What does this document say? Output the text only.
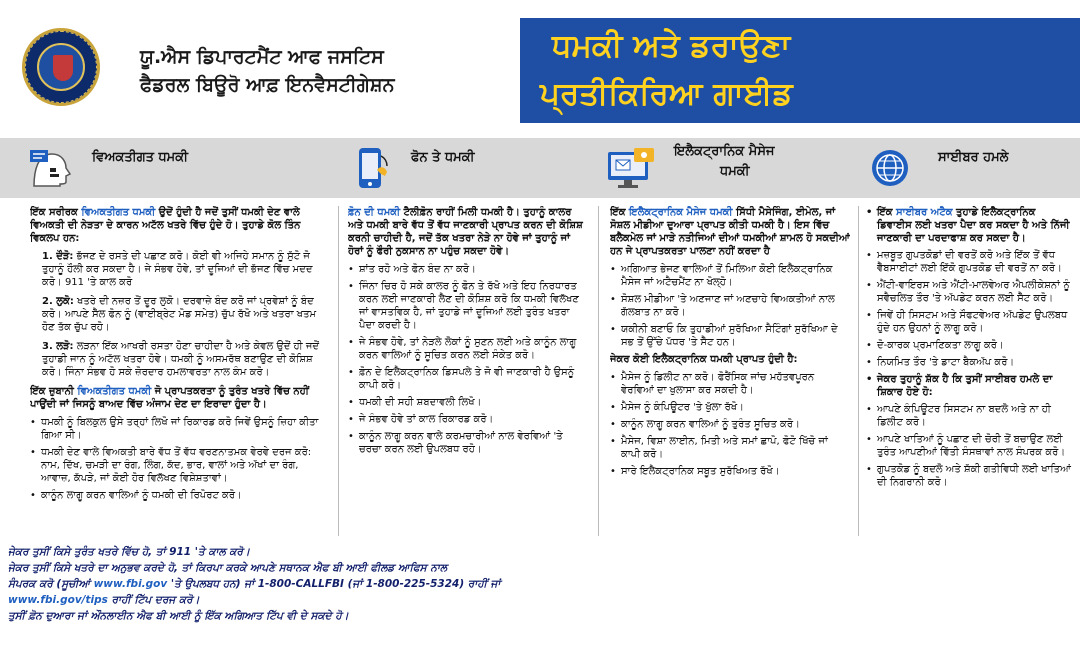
ਯੂ.ਐਸ ਡਿਪਾਰਟਮੈਂਟ ਆਫ ਜਸਟਿਸ
ਫੈਡਰਲ ਬਿਊਰੋ ਆਫ਼ ਇਨਵੈਸਟੀਗੇਸ਼ਨ
ਧਮਕੀ ਅਤੇ ਡਰਾਉਣਾ
ਪ੍ਰਤੀਕਿਰਿਆ ਗਾਈਡ
ਵਿਅਕਤੀਗਤ ਧਮਕੀ	ਫੋਨ ਤੇ ਧਮਕੀ	ਇਲੈਕਟ੍ਰਾਨਿਕ ਮੈਸੇਜ
ਧਮਕੀ
ਸਾਈਬਰ ਹਮਲੇ

ਇੱਕ ਸਰੀਰਕ ਵਿਅਕਤੀਗਤ ਧਮਕੀ ਉਦੋਂ ਹੁੰਦੀ ਹੈ ਜਦੋਂ ਤੁਸੀਂ ਧਮਕੀ ਦੇਣ ਵਾਲੇ ਵਿਅਕਤੀ ਦੀ ਨੇੜਤਾ ਦੇ ਕਾਰਨ ਅਟੱਲ ਖਤਰੇ ਵਿੱਚ ਹੁੰਦੇ ਹੋ। ਤੁਹਾਡੇ ਕੋਲ ਤਿੰਨ ਵਿਕਲਪ ਹਨ:

1. ਦੌੜੋ: ਭੱਜਣ ਦੇ ਰਸਤੇ ਦੀ ਪਛਾਣ ਕਰੋ। ਕੋਈ ਵੀ ਅਜਿਹੇ ਸਮਾਨ ਨੂੰ ਸੁੱਟੋ ਜੋ ਤੁਹਾਨੂੰ ਹੌਲੀ ਕਰ ਸਕਦਾ ਹੈ। ਜੇ ਸੰਭਵ ਹੋਵੇ, ਤਾਂ ਦੂਜਿਆਂ ਦੀ ਭੱਜਣ ਵਿੱਚ ਮਦਦ ਕਰੋ। 911 'ਤੇ ਕਾਲ ਕਰੋ

2. ਲੁਕੋ: ਖਤਰੇ ਦੀ ਨਜ਼ਰ ਤੋਂ ਦੂਰ ਲੁਕੋ। ਦਰਵਾਜ਼ੇ ਬੰਦ ਕਰੋ ਜਾਂ ਪ੍ਰਵੇਸ਼ਾਂ ਨੂੰ ਬੰਦ ਕਰੋ। ਆਪਣੇ ਸੈੱਲ ਫੋਨ ਨੂੰ (ਵਾਈਬ੍ਰੇਟ ਮੋਡ ਸਮੇਤ) ਚੁੱਪ ਰੱਖੋ ਅਤੇ ਖਤਰਾ ਖਤਮ ਹੋਣ ਤੱਕ ਚੁੱਪ ਰਹੋ।

3. ਲੜੋ: ਲੜਨਾ ਇੱਕ ਆਖਰੀ ਰਸਤਾ ਹੋਣਾ ਚਾਹੀਦਾ ਹੈ ਅਤੇ ਕੇਵਲ ਉਦੋਂ ਹੀ ਜਦੋਂ ਤੁਹਾਡੀ ਜਾਨ ਨੂੰ ਅਟੱਲ ਖਤਰਾ ਹੋਵੇ। ਧਮਕੀ ਨੂੰ ਅਸਮਰੱਥ ਬਣਾਉਣ ਦੀ ਕੋਸ਼ਿਸ਼ ਕਰੋ। ਜਿੰਨਾ ਸੰਭਵ ਹੋ ਸਕੇ ਜ਼ੋਰਦਾਰ ਹਮਲਾਵਰਤਾ ਨਾਲ ਕੰਮ ਕਰੋ।

ਇੱਕ ਜ਼ੁਬਾਨੀ ਵਿਅਕਤੀਗਤ ਧਮਕੀ ਜੋ ਪ੍ਰਾਪਤਕਰਤਾ ਨੂੰ ਤੁਰੰਤ ਖਤਰੇ ਵਿੱਚ ਨਹੀਂ ਪਾਉਂਦੀ ਜਾਂ ਜਿਸਨੂੰ ਬਾਅਦ ਵਿੱਚ ਅੰਜਾਮ ਦੇਣ ਦਾ ਇਰਾਦਾ ਹੁੰਦਾ ਹੈ।

• ਧਮਕੀ ਨੂੰ ਬਿਲਕੁਲ ਉਸੇ ਤਰ੍ਹਾਂ ਲਿਖੋ ਜਾਂ ਰਿਕਾਰਡ ਕਰੋ ਜਿਵੇਂ ਉਸਨੂੰ ਜ਼ਿਹਾ ਕੀਤਾ ਗਿਆ ਸੀ।
• ਧਮਕੀ ਦੇਣ ਵਾਲੇ ਵਿਅਕਤੀ ਬਾਰੇ ਵੱਧ ਤੋਂ ਵੱਧ ਵਰਣਨਾਤਮਕ ਵੇਰਵੇ ਦਰਜ ਕਰੋ: ਨਾਮ, ਦਿੱਖ, ਚਮੜੀ ਦਾ ਰੰਗ, ਲਿੰਗ, ਕੱਦ, ਭਾਰ, ਵਾਲਾਂ ਅਤੇ ਅੱਖਾਂ ਦਾ ਰੰਗ, ਆਵਾਜ਼, ਕੱਪੜੇ, ਜਾਂ ਕੋਈ ਹੋਰ ਵਿਲੱਖਣ ਵਿਸ਼ੇਸ਼ਤਾਵਾਂ।
• ਕਾਨੂੰਨ ਲਾਗੂ ਕਰਨ ਵਾਲਿਆਂ ਨੂੰ ਧਮਕੀ ਦੀ ਰਿਪੋਰਟ ਕਰੋ।

ਫ਼ੋਨ ਦੀ ਧਮਕੀ ਟੈਲੀਫ਼ੋਨ ਰਾਹੀਂ ਮਿਲੀ ਧਮਕੀ ਹੈ। ਤੁਹਾਨੂੰ ਕਾਲਰ ਅਤੇ ਧਮਕੀ ਬਾਰੇ ਵੱਧ ਤੋਂ ਵੱਧ ਜਾਣਕਾਰੀ ਪ੍ਰਾਪਤ ਕਰਨ ਦੀ ਕੋਸ਼ਿਸ਼ ਕਰਨੀ ਚਾਹੀਦੀ ਹੈ, ਜਦੋਂ ਤੱਕ ਖਤਰਾ ਨੇੜੇ ਨਾ ਹੋਵੇ ਜਾਂ ਤੁਹਾਨੂੰ ਜਾਂ ਹੋਰਾਂ ਨੂੰ ਫੌਰੀ ਨੁਕਸਾਨ ਨਾ ਪਹੁੰਚ ਸਕਦਾ ਹੋਵੇ।

• ਸ਼ਾਂਤ ਰਹੋ ਅਤੇ ਫੋਨ ਬੰਦ ਨਾ ਕਰੋ।
• ਜਿੰਨਾ ਚਿਰ ਹੋ ਸਕੇ ਕਾਲਰ ਨੂੰ ਫੋਨ ਤੇ ਰੱਖੋ ਅਤੇ ਇਹ ਨਿਰਧਾਰਤ ਕਰਨ ਲਈ ਜਾਣਕਾਰੀ ਲੈਣ ਦੀ ਕੋਸ਼ਿਸ਼ ਕਰੋ ਕਿ ਧਮਕੀ ਵਿਲੱਖਣ ਜਾਂ ਵਾਸਤਵਿਕ ਹੈ, ਜਾਂ ਤੁਹਾਡੇ ਜਾਂ ਦੂਜਿਆਂ ਲਈ ਤੁਰੰਤ ਖਤਰਾ ਪੈਦਾ ਕਰਦੀ ਹੈ।
• ਜੇ ਸੰਭਵ ਹੋਵੇ, ਤਾਂ ਨੇੜਲੇ ਲੋਕਾਂ ਨੂੰ ਸੁਣਨ ਲਈ ਅਤੇ ਕਾਨੂੰਨ ਲਾਗੂ ਕਰਨ ਵਾਲਿਆਂ ਨੂੰ ਸੂਚਿਤ ਕਰਨ ਲਈ ਸੰਕੇਤ ਕਰੋ।
• ਫ਼ੋਨ ਦੇ ਇਲੈਕਟ੍ਰਾਨਿਕ ਡਿਸਪਲੇ ਤੇ ਜੋ ਵੀ ਜਾਣਕਾਰੀ ਹੈ ਉਸਨੂੰ ਕਾਪੀ ਕਰੋ।
• ਧਮਕੀ ਦੀ ਸਹੀ ਸ਼ਬਦਾਵਲੀ ਲਿਖੋ।
• ਜੇ ਸੰਭਵ ਹੋਵੇ ਤਾਂ ਕਾਲ ਰਿਕਾਰਡ ਕਰੋ।
• ਕਾਨੂੰਨ ਲਾਗੂ ਕਰਨ ਵਾਲੇ ਕਰਮਚਾਰੀਆਂ ਨਾਲ ਵੇਰਵਿਆਂ 'ਤੇ ਚਰਚਾ ਕਰਨ ਲਈ ਉਪਲਬਧ ਰਹੋ।

ਇੱਕ ਇਲੈਕਟ੍ਰਾਨਿਕ ਮੈਸੇਜ ਧਮਕੀ ਸਿੱਧੀ ਮੈਸੇਜਿੰਗ, ਈਮੇਲ, ਜਾਂ ਸੋਸ਼ਲ ਮੀਡੀਆ ਦੁਆਰਾ ਪ੍ਰਾਪਤ ਕੀਤੀ ਧਮਕੀ ਹੈ। ਇਸ ਵਿੱਚ ਬਲੈਕਮੇਲ ਜਾਂ ਮਾੜੇ ਨਤੀਜਿਆਂ ਦੀਆਂ ਧਮਕੀਆਂ ਸ਼ਾਮਲ ਹੋ ਸਕਦੀਆਂ ਹਨ ਜੇ ਪ੍ਰਾਪਤਕਰਤਾ ਪਾਲਣਾ ਨਹੀਂ ਕਰਦਾ ਹੈ

• ਅਗਿਆਤ ਭੇਜਣ ਵਾਲਿਆਂ ਤੋਂ ਮਿਲਿਆ ਕੋਈ ਇਲੈਕਟ੍ਰਾਨਿਕ ਮੈਸੇਜ ਜਾਂ ਅਟੈਚਮੈਂਟ ਨਾ ਖੋਲ੍ਹੋ।
• ਸੋਸ਼ਲ ਮੀਡੀਆ 'ਤੇ ਅਣਜਾਣ ਜਾਂ ਅਣਚਾਹੇ ਵਿਅਕਤੀਆਂ ਨਾਲ ਗੱਲਬਾਤ ਨਾ ਕਰੋ।
• ਯਕੀਨੀ ਬਣਾਓ ਕਿ ਤੁਹਾਡੀਆਂ ਸੁਰੱਖਿਆ ਸੈਟਿੰਗਾਂ ਸੁਰੱਖਿਆ ਦੇ ਸਭ ਤੋਂ ਉੱਚੇ ਪੱਧਰ 'ਤੇ ਸੈੱਟ ਹਨ।

ਜੇਕਰ ਕੋਈ ਇਲੈਕਟ੍ਰਾਨਿਕ ਧਮਕੀ ਪ੍ਰਾਪਤ ਹੁੰਦੀ ਹੈ:

• ਮੈਸੇਜ ਨੂੰ ਡਿਲੀਟ ਨਾ ਕਰੋ। ਫੋਰੈਂਸਿਕ ਜਾਂਚ ਮਹੱਤਵਪੂਰਨ ਵੇਰਵਿਆਂ ਦਾ ਖੁਲਾਸਾ ਕਰ ਸਕਦੀ ਹੈ।
• ਮੈਸੇਜ ਨੂੰ ਕੰਪਿਊਟਰ 'ਤੇ ਖੁੱਲਾ ਰੱਖੋ।
• ਕਾਨੂੰਨ ਲਾਗੂ ਕਰਨ ਵਾਲਿਆਂ ਨੂੰ ਤੁਰੰਤ ਸੂਚਿਤ ਕਰੋ।
• ਮੈਸੇਜ, ਵਿਸ਼ਾ ਲਾਈਨ, ਮਿਤੀ ਅਤੇ ਸਮਾਂ ਛਾਪੋ, ਫੋਟੋ ਖਿੱਚੋ ਜਾਂ ਕਾਪੀ ਕਰੋ।
• ਸਾਰੇ ਇਲੈਕਟ੍ਰਾਨਿਕ ਸਬੂਤ ਸੁਰੱਖਿਅਤ ਰੱਖੋ।
• ਇੱਕ ਸਾਈਬਰ ਅਟੈਕ ਤੁਹਾਡੇ ਇਲੈਕਟ੍ਰਾਨਿਕ ਡਿਵਾਈਸ ਲਈ ਖਤਰਾ ਪੈਦਾ ਕਰ ਸਕਦਾ ਹੈ ਅਤੇ ਨਿੱਜੀ ਜਾਣਕਾਰੀ ਦਾ ਪਰਦਾਫਾਸ਼ ਕਰ ਸਕਦਾ ਹੈ।
• ਮਜ਼ਬੂਤ ਗੁਪਤਕੋਡਾਂ ਦੀ ਵਰਤੋਂ ਕਰੋ ਅਤੇ ਇੱਕ ਤੋਂ ਵੱਧ ਵੈੱਬਸਾਈਟਾਂ ਲਈ ਇੱਕੋ ਗੁਪਤਕੋਡ ਦੀ ਵਰਤੋਂ ਨਾ ਕਰੋ।
• ਐਂਟੀ-ਵਾਇਰਸ ਅਤੇ ਐਂਟੀ-ਮਾਲਵੇਅਰ ਐਪਲੀਕੇਸ਼ਨਾਂ ਨੂੰ ਸਵੈਚਲਿਤ ਤੌਰ 'ਤੇ ਅੱਪਡੇਟ ਕਰਨ ਲਈ ਸੈੱਟ ਕਰੋ।
• ਜਿਵੇਂ ਹੀ ਸਿਸਟਮ ਅਤੇ ਸੌਫਟਵੇਅਰ ਅੱਪਡੇਟ ਉਪਲਬਧ ਹੁੰਦੇ ਹਨ ਉਹਨਾਂ ਨੂੰ ਲਾਗੂ ਕਰੋ।
• ਦੋ-ਕਾਰਕ ਪ੍ਰਮਾਣਿਕਤਾ ਲਾਗੂ ਕਰੋ।
• ਨਿਯਮਿਤ ਤੌਰ 'ਤੇ ਡਾਟਾ ਬੈਕਅੱਪ ਕਰੋ।
• ਜੇਕਰ ਤੁਹਾਨੂੰ ਸ਼ੱਕ ਹੈ ਕਿ ਤੁਸੀਂ ਸਾਈਬਰ ਹਮਲੇ ਦਾ ਸ਼ਿਕਾਰ ਹੋਏ ਹੋ:
• ਆਪਣੇ ਕੰਪਿਊਟਰ ਸਿਸਟਮ ਨਾ ਬਦਲੋ ਅਤੇ ਨਾ ਹੀ ਡਿਲੀਟ ਕਰੋ।
• ਆਪਣੇ ਖਾਤਿਆਂ ਨੂੰ ਪਛਾਣ ਦੀ ਚੋਰੀ ਤੋਂ ਬਚਾਉਣ ਲਈ ਤੁਰੰਤ ਆਪਣੀਆਂ ਵਿੱਤੀ ਸੰਸਥਾਵਾਂ ਨਾਲ ਸੰਪਰਕ ਕਰੋ।
• ਗੁਪਤਕੋਡ ਨੂੰ ਬਦਲੋ ਅਤੇ ਸ਼ੱਕੀ ਗਤੀਵਿਧੀ ਲਈ ਖਾਤਿਆਂ ਦੀ ਨਿਗਰਾਨੀ ਕਰੋ।
ਜੇਕਰ ਤੁਸੀਂ ਕਿਸੇ ਤੁਰੰਤ ਖਤਰੇ ਵਿੱਚ ਹੋ, ਤਾਂ 911 'ਤੇ ਕਾਲ ਕਰੋ।
ਜੇਕਰ ਤੁਸੀਂ ਕਿਸੇ ਖਤਰੇ ਦਾ ਅਨੁਭਵ ਕਰਦੇ ਹੋ, ਤਾਂ ਕਿਰਪਾ ਕਰਕੇ ਆਪਣੇ ਸਥਾਨਕ ਐਫ ਬੀ ਆਈ ਫੀਲਡ ਆਫਿਸ ਨਾਲ
ਸੰਪਰਕ ਕਰੋ (ਸੂਚੀਆਂ www.fbi.gov 'ਤੇ ਉਪਲਬਧ ਹਨ) ਜਾਂ 1-800-CALLFBI (ਜਾਂ 1-800-225-5324) ਰਾਹੀਂ ਜਾਂ
www.fbi.gov/tips ਰਾਹੀਂ ਟਿੱਪ ਦਰਜ ਕਰੋ।
ਤੁਸੀਂ ਫ਼ੋਨ ਦੁਆਰਾ ਜਾਂ ਔਨਲਾਈਨ ਐਫ ਬੀ ਆਈ ਨੂੰ ਇੱਕ ਅਗਿਆਤ ਟਿੱਪ ਵੀ ਦੇ ਸਕਦੇ ਹੋ।
